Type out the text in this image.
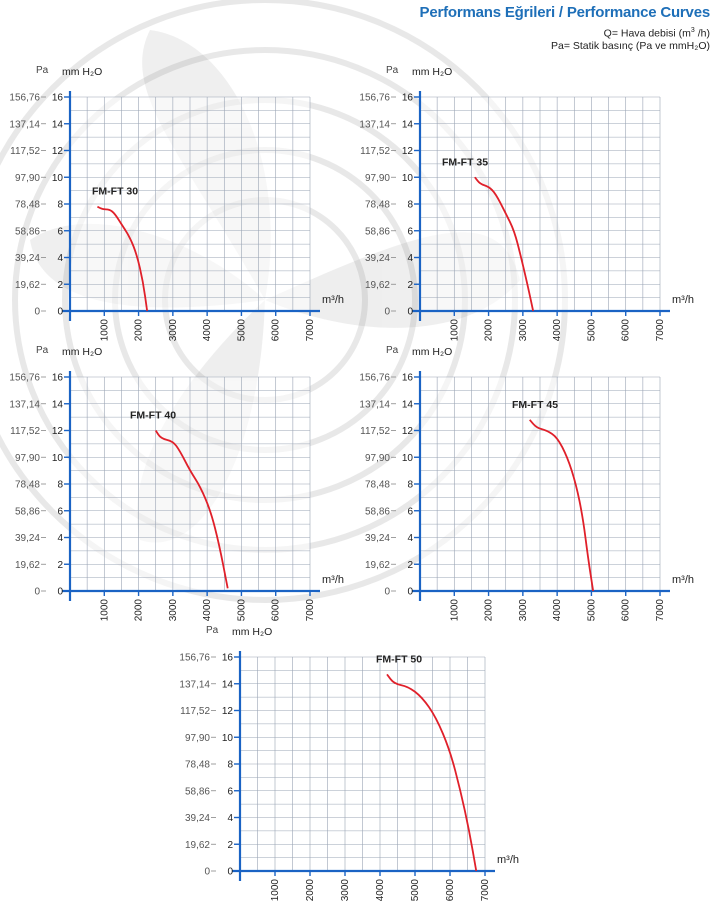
Performans Eğrileri / Performance Curves
Q= Hava debisi ($m^3$ /h)
Pa= Statik basınç (Pa ve mmH₂O)
0
0
2
19,62
4
39,24
6
58,86
8
78,48
10
97,90
12
117,52
14
137,14
16
156,76
1000 2000 3000 4000 5000 6000 7000
Pa mm H₂O
m³/h
FM-FT 30
0
0
2
19,62
4
39,24
6
58,86
8
78,48
10
97,90
12
117,52
14
137,14
16
156,76
1000 2000 3000 4000 5000 6000 7000
Pa mm H₂O
m³/h
FM-FT 35
0
0
2
19,62
4
39,24
6
58,86
8
78,48
10
97,90
12
117,52
14
137,14
16
156,76
1000 2000 3000 4000 5000 6000 7000
Pa mm H₂O
m³/h
FM-FT 40
0
0
2
19,62
4
39,24
6
58,86
8
78,48
10
97,90
12
117,52
14
137,14
16
156,76
1000 2000 3000 4000 5000 6000 7000
Pa mm H₂O
m³/h
FM-FT 45
0
0
2
19,62
4
39,24
6
58,86
8
78,48
10
97,90
12
117,52
14
137,14
16
156,76
1000 2000 3000 4000 5000 6000 7000
Pa mm H₂O
m³/h
FM-FT 50
